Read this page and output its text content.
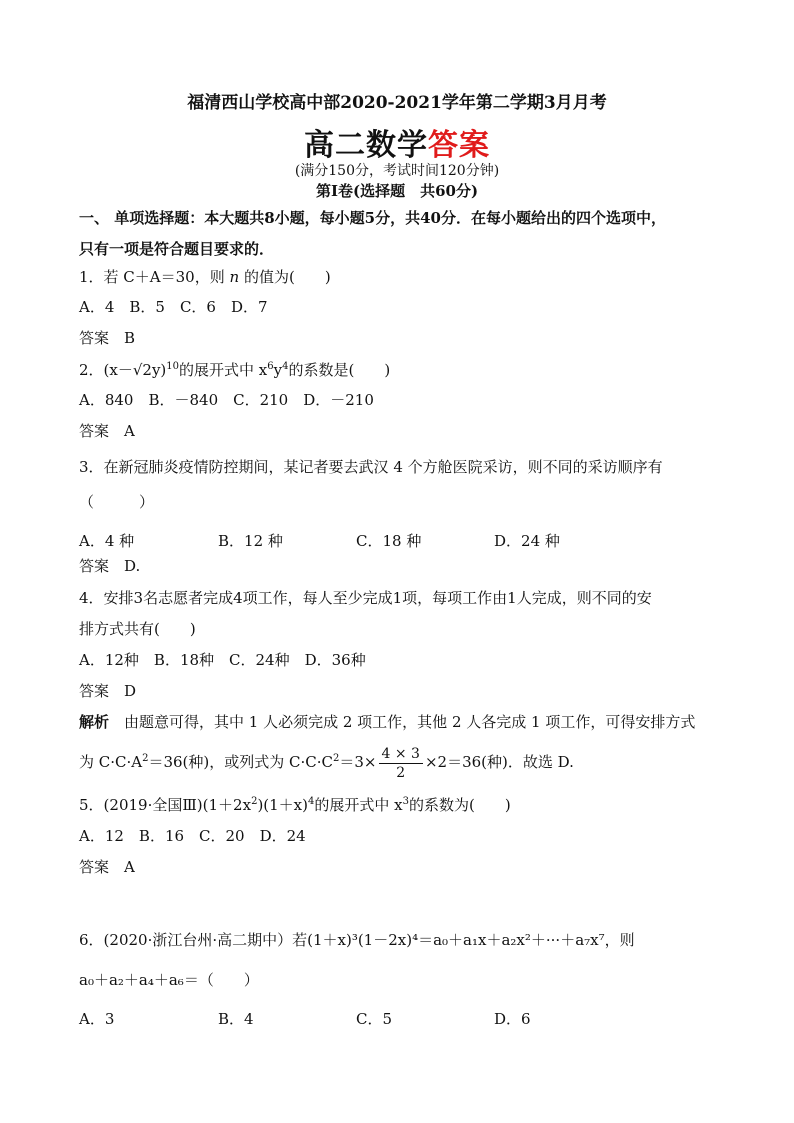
福清西山学校高中部2020-2021学年第二学期3月月考
高二数学答案
(满分150分，考试时间120分钟)
第Ⅰ卷(选择题　共60分)
一、 单项选择题：本大题共8小题，每小题5分，共40分．在每小题给出的四个选项中，
只有一项是符合题目要求的．
1．若 C＋A＝30，则 n 的值为(　　)
A．4　B．5　C．6　D．7
答案　B
2．$(x-√2y)^{10}$的展开式中 $x^6y^4$的系数是(　　)
A．840　B．－840　C．210　D．－210
答案　A
3．在新冠肺炎疫情防控期间，某记者要去武汉 4 个方舱医院采访，则不同的采访顺序有
（　　　）
A．4 种	B．12 种	C．18 种	D．24 种
答案　D.
4．安排3名志愿者完成4项工作，每人至少完成1项，每项工作由1人完成，则不同的安
排方式共有(　　)
A．12种　B．18种　C．24种　D．36种
答案　D
解析　由题意可得，其中 1 人必须完成 2 项工作，其他 2 人各完成 1 项工作，可得安排方式
为 $C\cdot C\cdot A^2=36$(种)，或列式为 $C\cdot C\cdot C^2=3\times \frac{4 \times 3}{2} \times 2=36$(种)．故选 D.
5．(2019·全国$Ⅲ)(1+2x^2)(1+x)^4$的展开式中 $x^3$的系数为(　　)
A．12　B．16　C．20　D．24
答案　A
6．(2020·浙江台州·高二期中）若(1＋x)³(1－2x)⁴＝a₀＋a₁x＋a₂x²＋···＋a₇x⁷，则
a₀＋a₂＋a₄＋a₆＝（　　）
A．3	B．4	C．5	D．6
